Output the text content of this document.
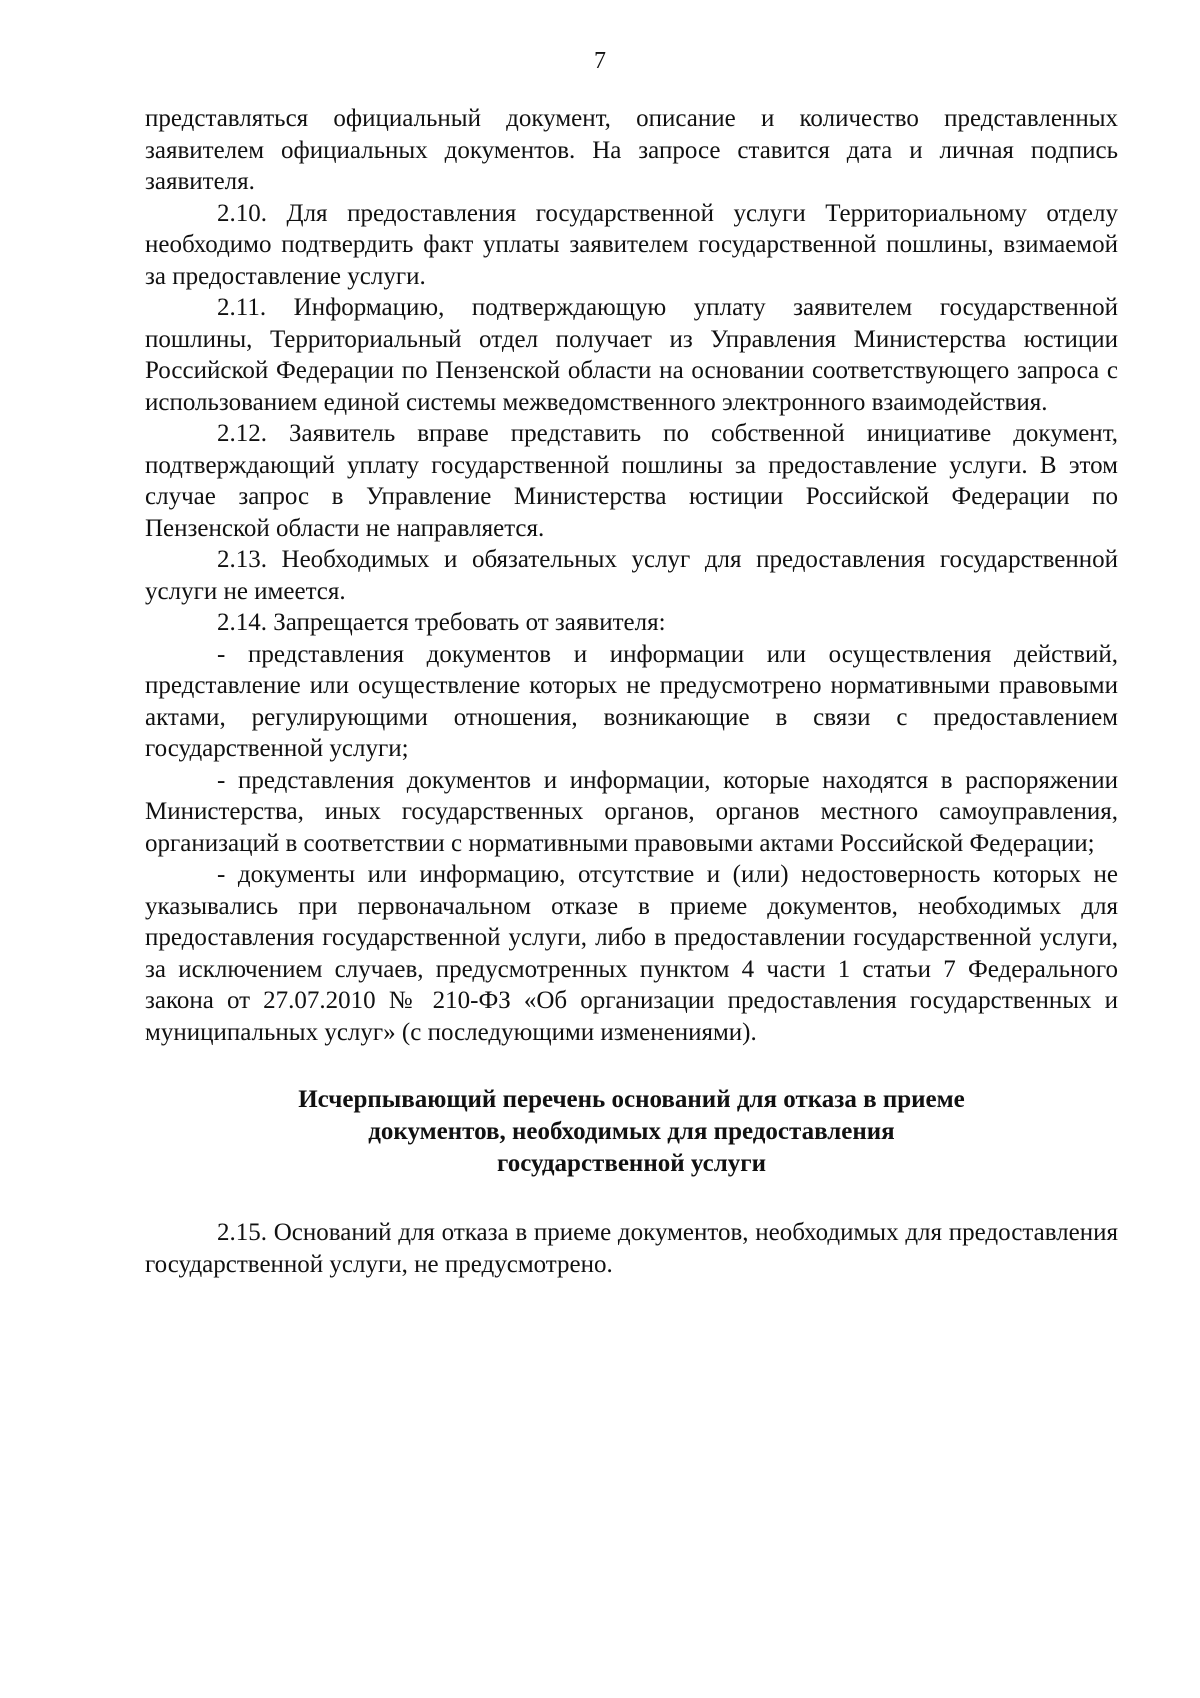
7

представляться официальный документ, описание и количество представленных заявителем официальных документов. На запросе ставится дата и личная подпись заявителя.

2.10. Для предоставления государственной услуги Территориальному отделу необходимо подтвердить факт уплаты заявителем государственной пошлины, взимаемой за предоставление услуги.

2.11. Информацию, подтверждающую уплату заявителем государственной пошлины, Территориальный отдел получает из Управления Министерства юстиции Российской Федерации по Пензенской области на основании соответствующего запроса с использованием единой системы межведомственного электронного взаимодействия.

2.12. Заявитель вправе представить по собственной инициативе документ, подтверждающий уплату государственной пошлины за предоставление услуги. В этом случае запрос в Управление Министерства юстиции Российской Федерации по Пензенской области не направляется.

2.13. Необходимых и обязательных услуг для предоставления государственной услуги не имеется.

2.14. Запрещается требовать от заявителя:

- представления документов и информации или осуществления действий, представление или осуществление которых не предусмотрено нормативными правовыми актами, регулирующими отношения, возникающие в связи с предоставлением государственной услуги;

- представления документов и информации, которые находятся в распоряжении Министерства, иных государственных органов, органов местного самоуправления, организаций в соответствии с нормативными правовыми актами Российской Федерации;

- документы или информацию, отсутствие и (или) недостоверность которых не указывались при первоначальном отказе в приеме документов, необходимых для предоставления государственной услуги, либо в предоставлении государственной услуги, за исключением случаев, предусмотренных пунктом 4 части 1 статьи 7 Федерального закона от 27.07.2010 № 210-ФЗ «Об организации предоставления государственных и муниципальных услуг» (с последующими изменениями).

Исчерпывающий перечень оснований для отказа в приеме
документов, необходимых для предоставления
государственной услуги

2.15. Оснований для отказа в приеме документов, необходимых для предоставления государственной услуги, не предусмотрено.
